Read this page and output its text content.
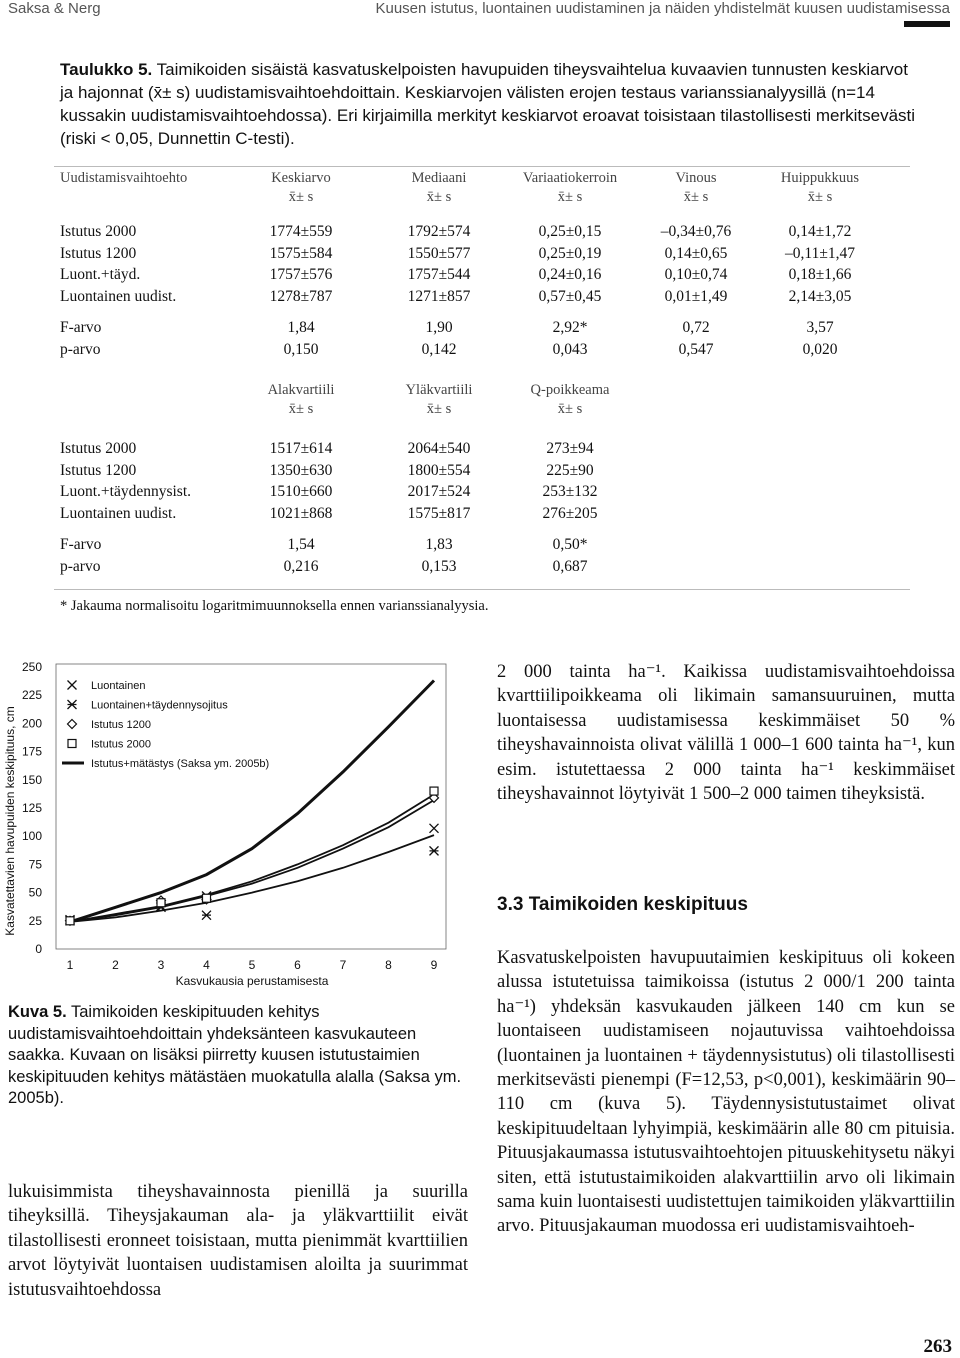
Saksa & Nerg	Kuusen istutus, luontainen uudistaminen ja näiden yhdistelmät kuusen uudistamisessa
Taulukko 5. Taimikoiden sisäistä kasvatuskelpoisten havupuiden tiheysvaihtelua kuvaavien tunnusten keskiarvot ja hajonnat (x̄± s) uudistamisvaihtoehdoittain. Keskiarvojen välisten erojen testaus varianssianalyysillä (n=14 kussakin uudistamisvaihtoehdossa). Eri kirjaimilla merkityt keskiarvot eroavat toisistaan tilastollisesti merkitsevästi (riski < 0,05, Dunnettin C-testi).
Uudistamisvaihtoehto	Keskiarvo	Mediaani	Variaatiokerroin	Vinous	Huippukkuus
	x̄± s	x̄± s	x̄± s	x̄± s	x̄± s

Istutus 2000	1774±559	1792±574	0,25±0,15	–0,34±0,76	0,14±1,72
Istutus 1200	1575±584	1550±577	0,25±0,19	0,14±0,65	–0,11±1,47
Luont.+täyd.	1757±576	1757±544	0,24±0,16	0,10±0,74	0,18±1,66
Luontainen uudist.	1278±787	1271±857	0,57±0,45	0,01±1,49	2,14±3,05

F-arvo	1,84	1,90	2,92*	0,72	3,57
p-arvo	0,150	0,142	0,043	0,547	0,020
	Alakvartiili	Yläkvartiili	Q-poikkeama
	x̄± s	x̄± s	x̄± s

Istutus 2000	1517±614	2064±540	273±94
Istutus 1200	1350±630	1800±554	225±90
Luont.+täydennysist.	1510±660	2017±524	253±132
Luontainen uudist.	1021±868	1575±817	276±205

F-arvo	1,54	1,83	0,50*
p-arvo	0,216	0,153	0,687
* Jakauma normalisoitu logaritmimuunnoksella ennen varianssianalyysia.
0
25
50
75
100
125
150
175
200
225
250
1	2	3	4	5	6	7	8	9
Kasvukausia perustamisesta
Kasvatettavien havupuiden keskipituus, cm
Luontainen
Luontainen+täydennysojitus
Istutus 1200
Istutus 2000
Istutus+mätästys (Saksa ym. 2005b)
Kuva 5. Taimikoiden keskipituuden kehitys uudistamisvaihtoehdoittain yhdeksänteen kasvukauteen saakka. Kuvaan on lisäksi piirretty kuusen istutustaimien keskipituuden kehitys mätästäen muokatulla alalla (Saksa ym. 2005b).
lukuisimmista tiheyshavainnosta pienillä ja suurilla tiheyksillä. Tiheysjakauman ala- ja yläkvarttiilit eivät tilastollisesti eronneet toisistaan, mutta pienimmät kvarttiilien arvot löytyivät luontaisen uudistamisen aloilta ja suurimmat istutusvaihtoehdossa
2 000 tainta ha⁻¹. Kaikissa uudistamisvaihtoehdoissa kvarttiilipoikkeama oli likimain samansuuruinen, mutta luontaisessa uudistamisessa keskimmäiset 50 % tiheyshavainnoista olivat välillä 1 000–1 600 tainta ha⁻¹, kun esim. istutettaessa 2 000 tainta ha⁻¹ keskimmäiset tiheyshavainnot löytyivät 1 500–2 000 taimen tiheyksistä.
3.3 Taimikoiden keskipituus
Kasvatuskelpoisten havupuutaimien keskipituus oli kokeen alussa istutetuissa taimikoissa (istutus 2 000/1 200 tainta ha⁻¹) yhdeksän kasvukauden jälkeen 140 cm kun se luontaiseen uudistamiseen nojautuvissa vaihtoehdoissa (luontainen ja luontainen + täydennysistutus) oli tilastollisesti merkitsevästi pienempi (F=12,53, p<0,001), keskimäärin 90–110 cm (kuva 5). Täydennysistutustaimet olivat keskipituudeltaan lyhyimpiä, keskimäärin alle 80 cm pituisia. Pituusjakaumassa istutusvaihtoehtojen pituuskehitysetu näkyi siten, että istutustaimikoiden alakvarttiilin arvo oli likimain sama kuin luontaisesti uudistettujen taimikoiden yläkvarttiilin arvo. Pituusjakauman muodossa eri uudistamisvaihtoeh-
263
